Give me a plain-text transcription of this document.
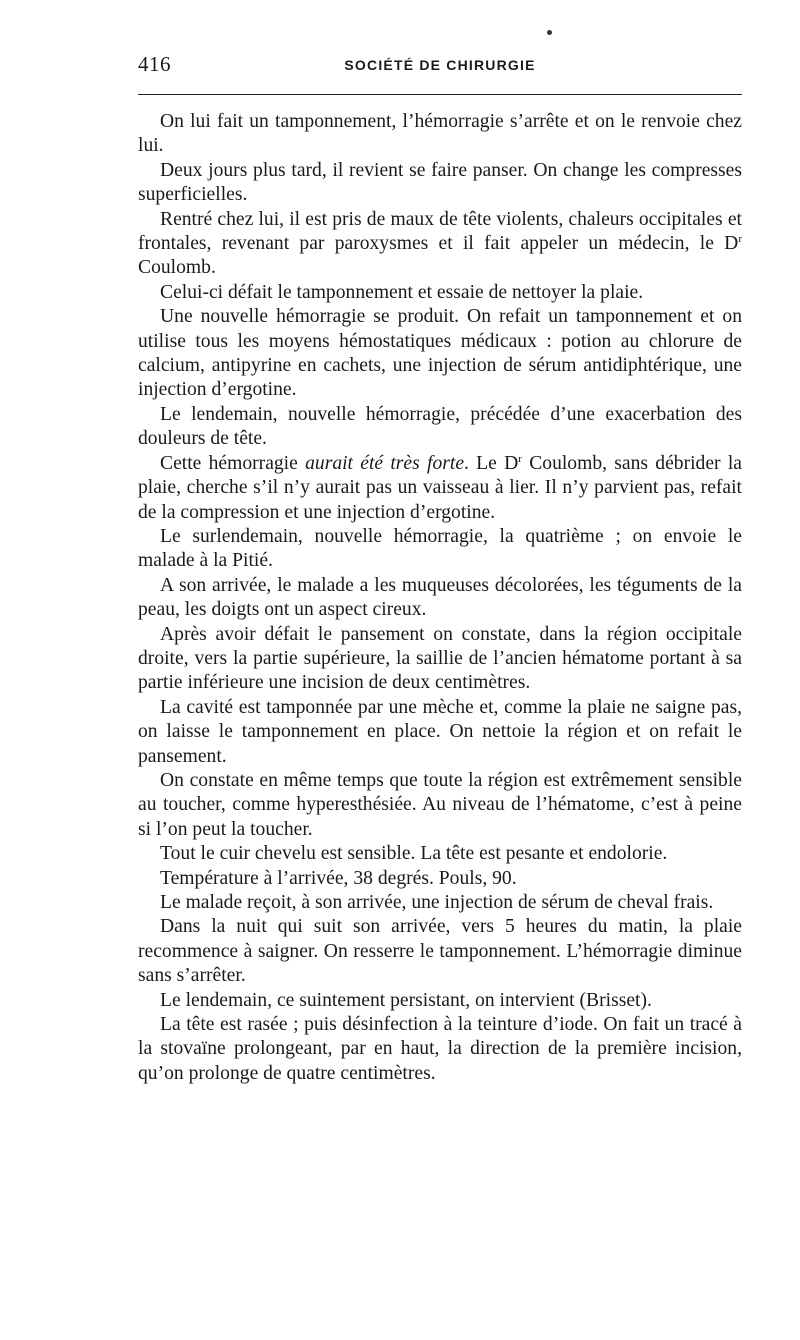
416	SOCIÉTÉ DE CHIRURGIE

On lui fait un tamponnement, l’hémorragie s’arrête et on le renvoie chez lui.

Deux jours plus tard, il revient se faire panser. On change les compresses superficielles.

Rentré chez lui, il est pris de maux de tête violents, chaleurs occipitales et frontales, revenant par paroxysmes et il fait appeler un médecin, le $D^r$ Coulomb.

Celui-ci défait le tamponnement et essaie de nettoyer la plaie.

Une nouvelle hémorragie se produit. On refait un tamponnement et on utilise tous les moyens hémostatiques médicaux : potion au chlorure de calcium, antipyrine en cachets, une injection de sérum antidiphtérique, une injection d’ergotine.

Le lendemain, nouvelle hémorragie, précédée d’une exacerbation des douleurs de tête.

Cette hémorragie aurait été très forte. Le $D^r$ Coulomb, sans débrider la plaie, cherche s’il n’y aurait pas un vaisseau à lier. Il n’y parvient pas, refait de la compression et une injection d’ergotine.

Le surlendemain, nouvelle hémorragie, la quatrième ; on envoie le malade à la Pitié.

A son arrivée, le malade a les muqueuses décolorées, les téguments de la peau, les doigts ont un aspect cireux.

Après avoir défait le pansement on constate, dans la région occipitale droite, vers la partie supérieure, la saillie de l’ancien hématome portant à sa partie inférieure une incision de deux centimètres.

La cavité est tamponnée par une mèche et, comme la plaie ne saigne pas, on laisse le tamponnement en place. On nettoie la région et on refait le pansement.

On constate en même temps que toute la région est extrêmement sensible au toucher, comme hyperesthésiée. Au niveau de l’hématome, c’est à peine si l’on peut la toucher.

Tout le cuir chevelu est sensible. La tête est pesante et endolorie.

Température à l’arrivée, 38 degrés. Pouls, 90.

Le malade reçoit, à son arrivée, une injection de sérum de cheval frais.

Dans la nuit qui suit son arrivée, vers 5 heures du matin, la plaie recommence à saigner. On resserre le tamponnement. L’hémorragie diminue sans s’arrêter.

Le lendemain, ce suintement persistant, on intervient (Brisset).

La tête est rasée ; puis désinfection à la teinture d’iode. On fait un tracé à la stovaïne prolongeant, par en haut, la direction de la première incision, qu’on prolonge de quatre centimètres.
